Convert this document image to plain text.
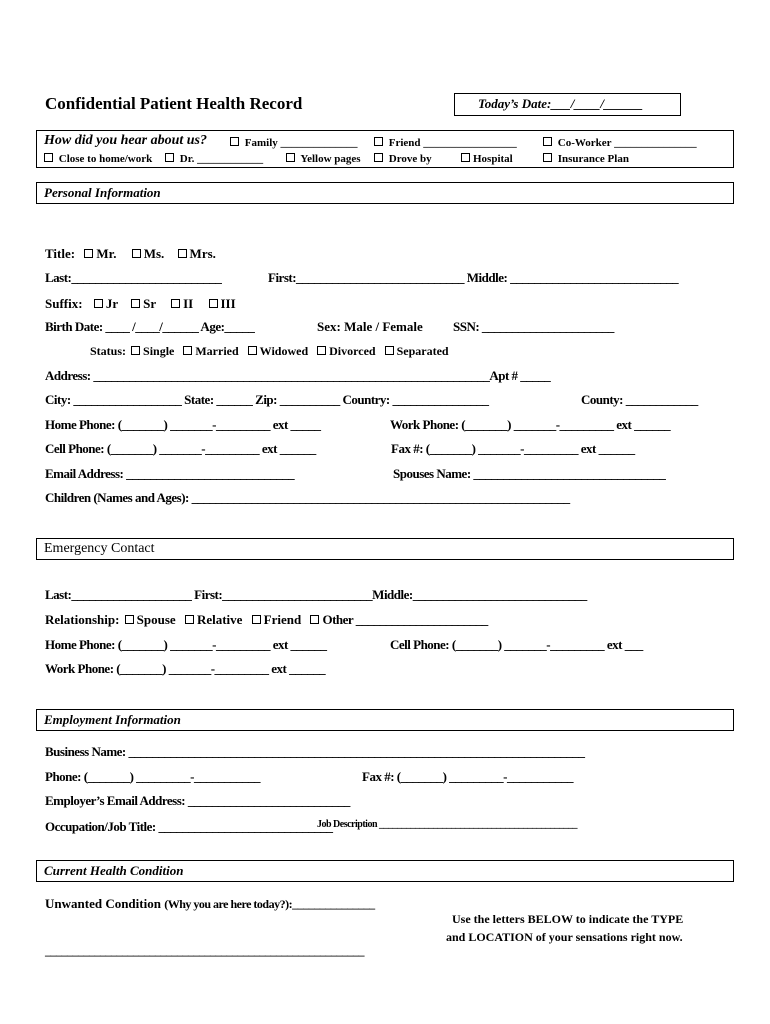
Confidential Patient Health Record	Today’s Date:___/____/______
How did you hear about us?	Family ______________	Friend _________________	Co-Worker _______________
Close to home/work	Dr. ____________	Yellow pages	Drove by	Hospital	Insurance Plan
Personal Information
Title: Mr. Ms. Mrs.
Last:_________________________	First:____________________________ Middle: ____________________________
Suffix: Jr Sr II III
Birth Date: ____ /____/______ Age:_____	Sex: Male / Female SSN: ______________________
Status: Single Married Widowed Divorced Separated
Address: __________________________________________________________________Apt # _____
City: __________________ State: ______ Zip: __________ Country: ________________	County: ____________
Home Phone: (_______) _______-_________ ext _____	Work Phone: (_______) _______-_________ ext ______
Cell Phone: (_______) _______-_________ ext ______	Fax #: (_______) _______-_________ ext ______
Email Address: ____________________________	Spouses Name: ________________________________
Children (Names and Ages): _______________________________________________________________
Emergency Contact
Last:____________________ First:_________________________Middle:_____________________________
Relationship: Spouse Relative Friend Other ______________________
Home Phone: (_______) _______-_________ ext ______	Cell Phone: (_______) _______-_________ ext ___
Work Phone: (_______) _______-_________ ext ______
Employment Information
Business Name: ____________________________________________________________________________
Phone: (_______) _________-___________	Fax #: (_______) _________-___________
Employer’s Email Address: ___________________________
Occupation/Job Title: _____________________________
Job Description ____________________________________________
Current Health Condition
Unwanted Condition (Why you are here today?):_______________
Use the letters BELOW to indicate the TYPE
and LOCATION of your sensations right now.
__________________________________________________________
